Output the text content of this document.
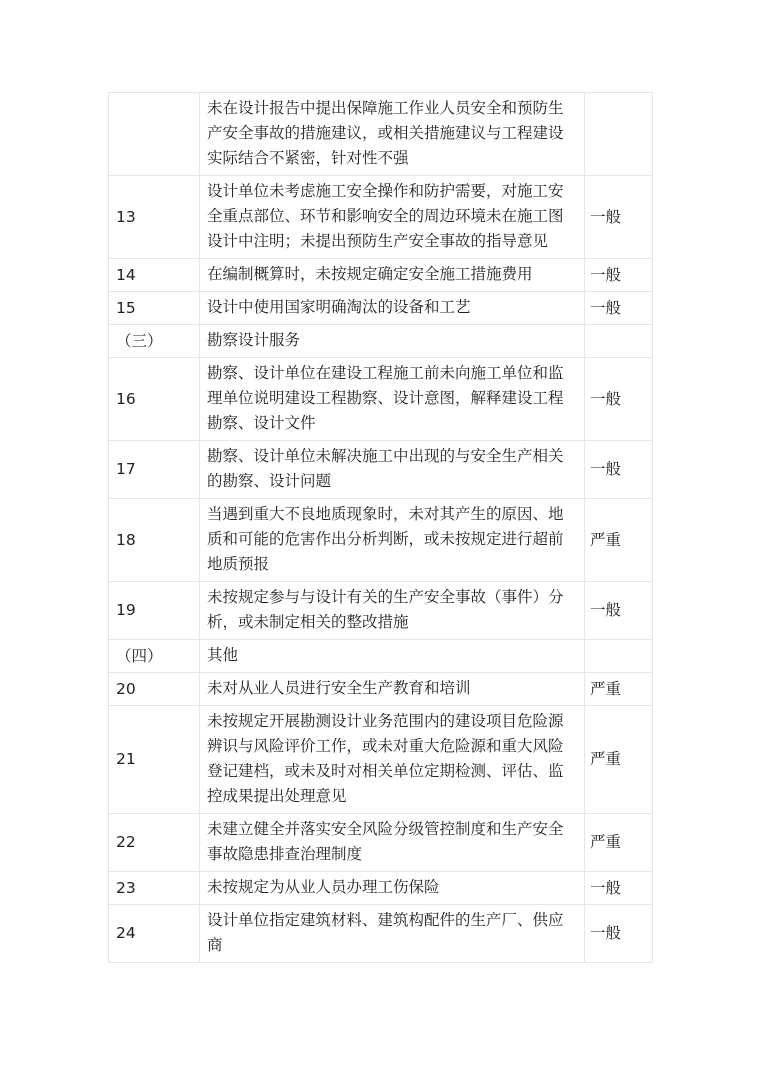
	未在设计报告中提出保障施工作业人员安全和预防生产安全事故的措施建议，或相关措施建议与工程建设实际结合不紧密，针对性不强	
13	设计单位未考虑施工安全操作和防护需要，对施工安全重点部位、环节和影响安全的周边环境未在施工图设计中注明；未提出预防生产安全事故的指导意见	一般
14	在编制概算时，未按规定确定安全施工措施费用	一般
15	设计中使用国家明确淘汰的设备和工艺	一般
（三）	勘察设计服务	
16	勘察、设计单位在建设工程施工前未向施工单位和监理单位说明建设工程勘察、设计意图，解释建设工程勘察、设计文件	一般
17	勘察、设计单位未解决施工中出现的与安全生产相关的勘察、设计问题	一般
18	当遇到重大不良地质现象时，未对其产生的原因、地质和可能的危害作出分析判断，或未按规定进行超前地质预报	严重
19	未按规定参与与设计有关的生产安全事故（事件）分析，或未制定相关的整改措施	一般
（四）	其他	
20	未对从业人员进行安全生产教育和培训	严重
21	未按规定开展勘测设计业务范围内的建设项目危险源辨识与风险评价工作，或未对重大危险源和重大风险登记建档，或未及时对相关单位定期检测、评估、监控成果提出处理意见	严重
22	未建立健全并落实安全风险分级管控制度和生产安全事故隐患排查治理制度	严重
23	未按规定为从业人员办理工伤保险	一般
24	设计单位指定建筑材料、建筑构配件的生产厂、供应商	一般
